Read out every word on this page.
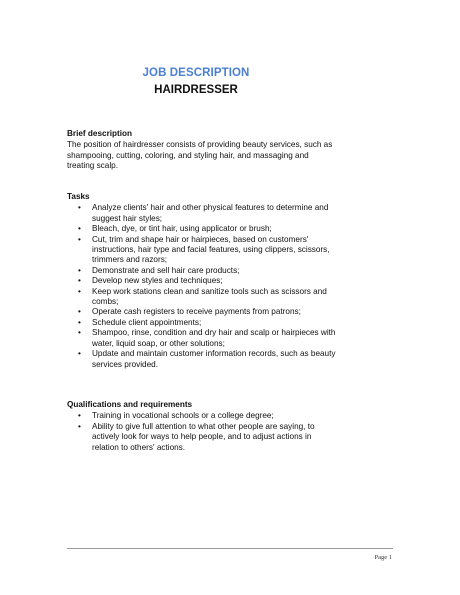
JOB DESCRIPTION
HAIRDRESSER

Brief description

The position of hairdresser consists of providing beauty services, such as shampooing, cutting, coloring, and styling hair, and massaging and treating scalp.

Tasks

• Analyze clients' hair and other physical features to determine and suggest hair styles;
• Bleach, dye, or tint hair, using applicator or brush;
• Cut, trim and shape hair or hairpieces, based on customers' instructions, hair type and facial features, using clippers, scissors, trimmers and razors;
• Demonstrate and sell hair care products;
• Develop new styles and techniques;
• Keep work stations clean and sanitize tools such as scissors and combs;
• Operate cash registers to receive payments from patrons;
• Schedule client appointments;
• Shampoo, rinse, condition and dry hair and scalp or hairpieces with water, liquid soap, or other solutions;
• Update and maintain customer information records, such as beauty services provided.

Qualifications and requirements

• Training in vocational schools or a college degree;
• Ability to give full attention to what other people are saying, to actively look for ways to help people, and to adjust actions in relation to others' actions.
Page 1
